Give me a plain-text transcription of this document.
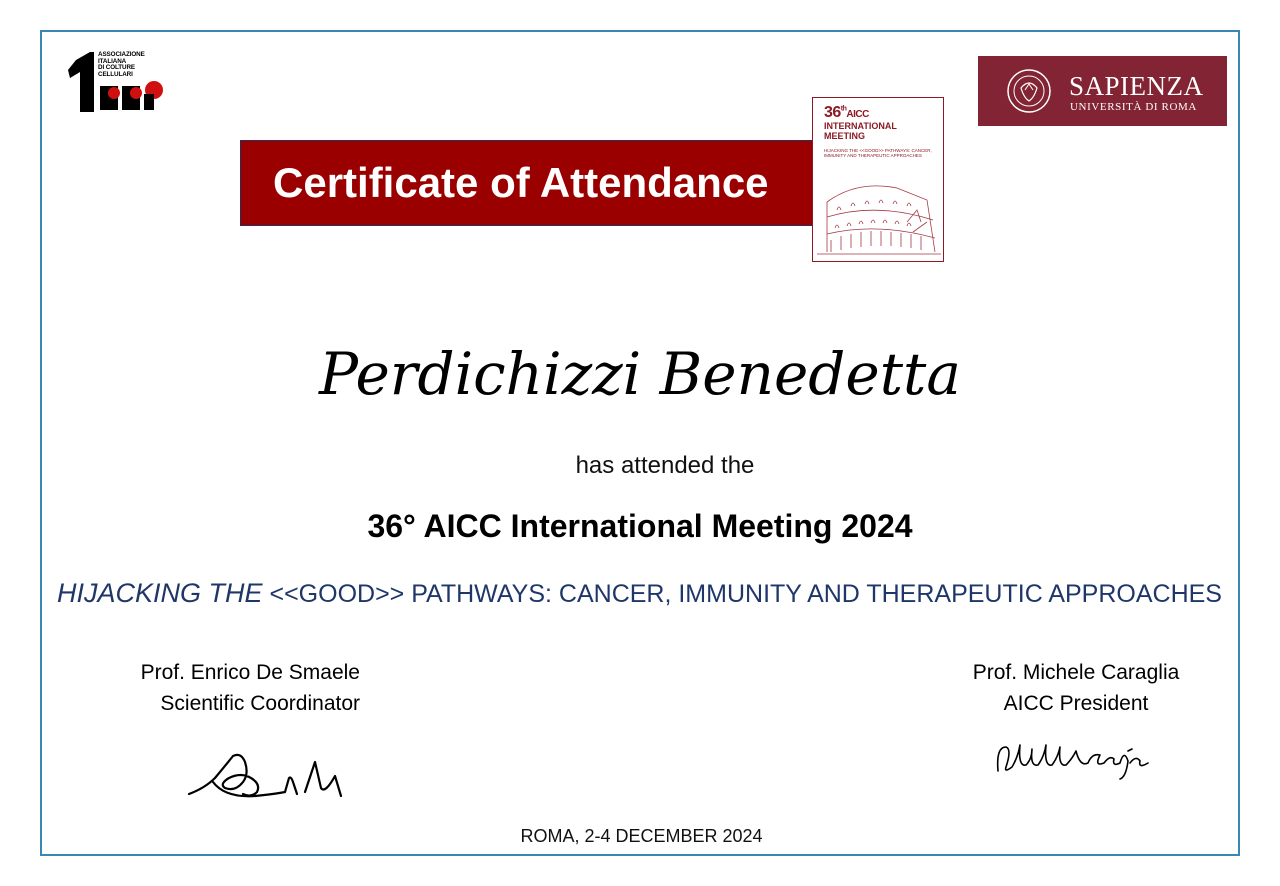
ASSOCIAZIONE
ITALIANA
DI COLTURE
CELLULARI	SAPIENZA
UNIVERSITÀ DI ROMA
Certificate of Attendance
36thAICC
INTERNATIONAL
MEETING
HIJACKING THE <<GOOD>> PATHWAYS: CANCER, IMMUNITY AND THERAPEUTIC APPROACHES
Perdichizzi Benedetta
has attended the
36° AICC International Meeting 2024
HIJACKING THE <<GOOD>> PATHWAYS: CANCER, IMMUNITY AND THERAPEUTIC APPROACHES
Prof. Enrico De Smaele
Scientific Coordinator
Prof. Michele Caraglia
AICC President
ROMA, 2-4 DECEMBER 2024
